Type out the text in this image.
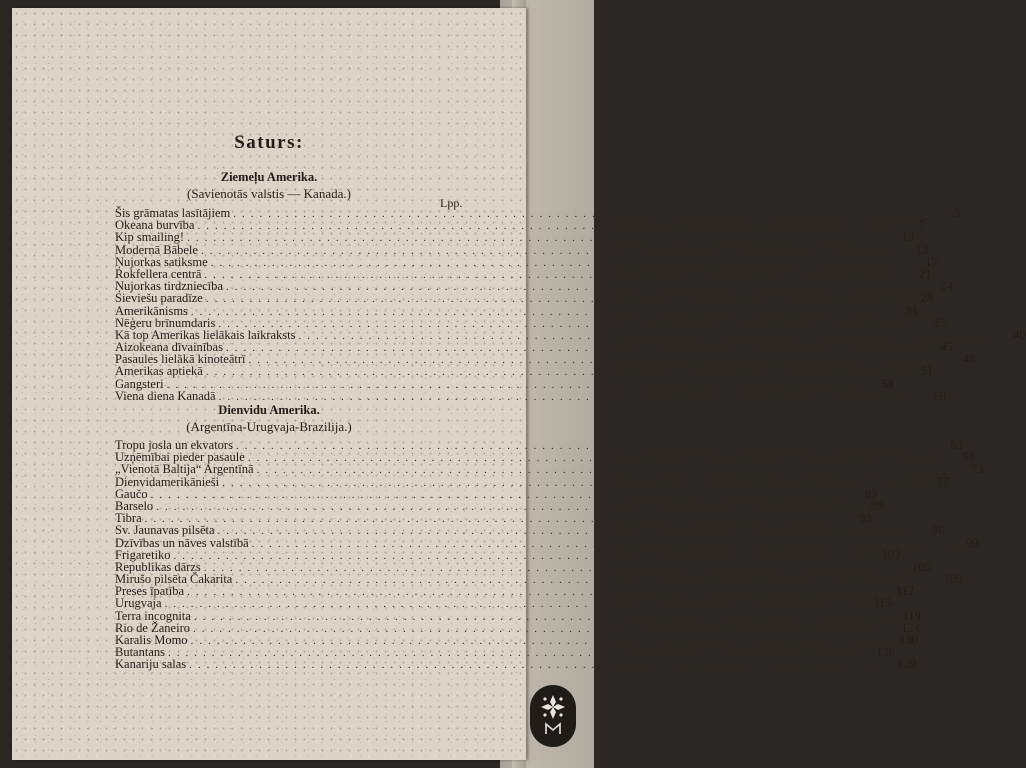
Saturs:
Ziemeļu Amerika.
(Savienotās valstis — Kanada.)
Lpp.
Šis grāmatas lasītājiem ................................................................................	3
Okeana burvība ................................................................................	7
Kip smailing! ................................................................................	10
Modernā Bābele ................................................................................	13
Ņujorkas satiksme ................................................................................	17
Rokfellera centrā ................................................................................	21
Ņujorkas tirdzniecība ................................................................................	24
Sieviešu paradīze ................................................................................	28
Amerikānisms ................................................................................	31
Nēģeru brīnumdaris ................................................................................	35
Kā top Amerikas lielākais laikraksts ................................................................................	40
Aizokeana dīvainības ................................................................................	45
Pasaules lielākā kinoteātrī ................................................................................	48
Amerikas aptiekā ................................................................................	51
Gangsteri ................................................................................	54
Viena diena Kanadā ................................................................................	56
Dienvidu Amerika.
(Argentīna-Urugvaja-Brazilija.)
Tropu josla un ekvators ................................................................................	63
Uzņēmībai pieder pasaule ................................................................................	68
„Vienotā Baltija“ Argentīnā ................................................................................	73
Dienvidamerikānieši ................................................................................	77
Gaučo ................................................................................	83
Barselo ................................................................................	89
Tibra ................................................................................	93
Sv. Jaunavas pilsēta ................................................................................	96
Dzīvības un nāves valstībā ................................................................................	99
Frigaretiko ................................................................................ 102
Republikas dārzs ................................................................................ 105
Mirušo pilsēta Čakarita ................................................................................ 108
Preses īpatība ................................................................................ 112
Urugvaja ................................................................................ 115
Terra incognita ................................................................................ 119
Rio de Žaneiro ................................................................................ 124
Karalis Momo ................................................................................ 130
Butantans ................................................................................ 136
Kanariju salas ................................................................................ 139
